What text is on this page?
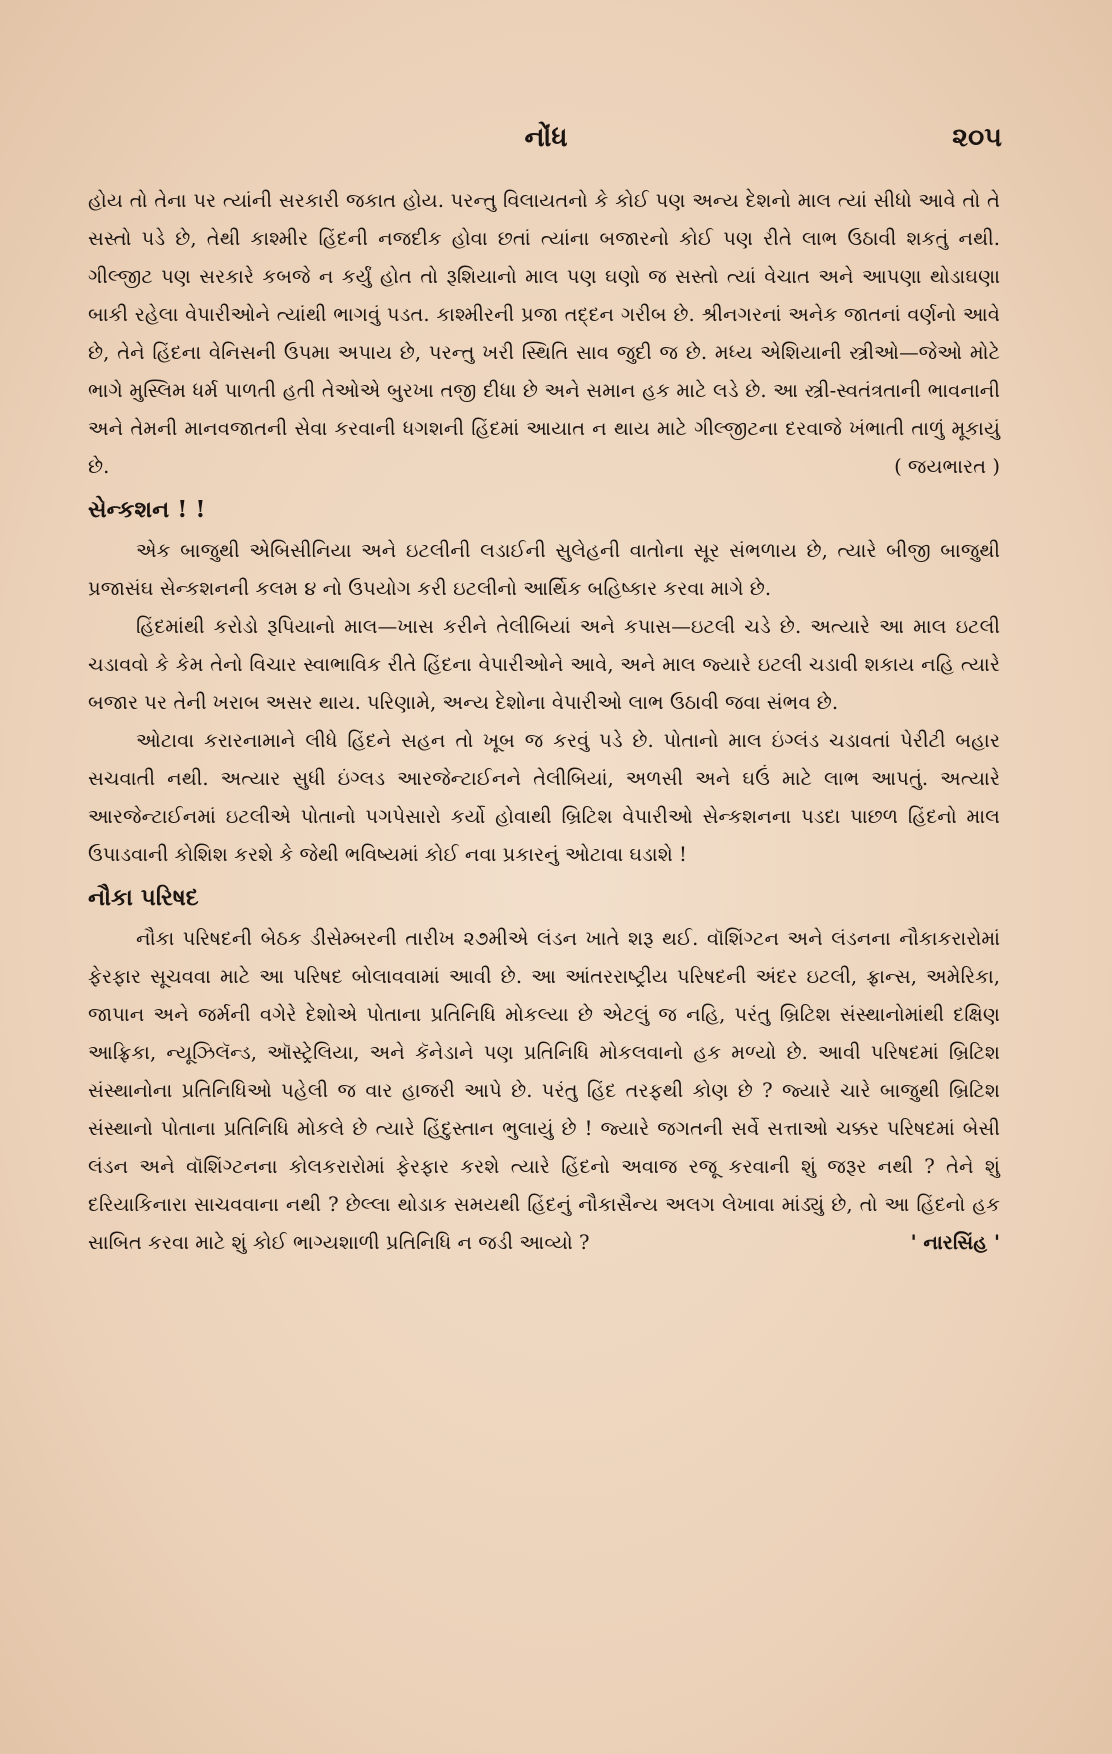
નોંધ	૨૦૫

હોય તો તેના પર ત્યાંની સરકારી જકાત હોય. પરન્તુ વિલાયતનો કે કોઈ પણ અન્ય દેશનો માલ ત્યાં સીધો આવે તો તે સસ્તો પડે છે, તેથી કાશ્મીર હિંદની નજદીક હોવા છતાં ત્યાંના બજારનો કોઈ પણ રીતે લાભ ઉઠાવી શકતું નથી. ગીલ્જીટ પણ સરકારે કબજે ન કર્યું હોત તો રૂશિયાનો માલ પણ ઘણો જ સસ્તો ત્યાં વેચાત અને આપણા થોડાઘણા બાકી રહેલા વેપારીઓને ત્યાંથી ભાગવું પડત. કાશ્મીરની પ્રજા તદ્દન ગરીબ છે. શ્રીનગરનાં અનેક જાતનાં વર્ણનો આવે છે, તેને હિંદના વેનિસની ઉપમા અપાય છે, પરન્તુ ખરી સ્થિતિ સાવ જુદી જ છે. મધ્ય એશિયાની સ્ત્રીઓ—જેઓ મોટે ભાગે મુસ્લિમ ધર્મ પાળતી હતી તેઓએ બુરખા તજી દીધા છે અને સમાન હક માટે લડે છે. આ સ્ત્રી-સ્વતંત્રતાની ભાવનાની અને તેમની માનવજાતની સેવા કરવાની ધગશની હિંદમાં આયાત ન થાય માટે ગીલ્જીટના દરવાજે ખંભાતી તાળું મૂકાયું છે.	( જયભારત )

સેન્કશન ! !

એક બાજુથી એબિસીનિયા અને ઇટલીની લડાઈની સુલેહની વાતોના સૂર સંભળાય છે, ત્યારે બીજી બાજુથી પ્રજાસંઘ સેન્કશનની કલમ ૪ નો ઉપયોગ કરી ઇટલીનો આર્થિક બહિષ્કાર કરવા માગે છે.

હિંદમાંથી કરોડો રૂપિયાનો માલ—ખાસ કરીને તેલીબિયાં અને કપાસ—ઇટલી ચડે છે. અત્યારે આ માલ ઇટલી ચડાવવો કે કેમ તેનો વિચાર સ્વાભાવિક રીતે હિંદના વેપારીઓને આવે, અને માલ જ્યારે ઇટલી ચડાવી શકાય નહિ ત્યારે બજાર પર તેની ખરાબ અસર થાય. પરિણામે, અન્ય દેશોના વેપારીઓ લાભ ઉઠાવી જવા સંભવ છે.

ઓટાવા કરારનામાને લીધે હિંદને સહન તો ખૂબ જ કરવું પડે છે. પોતાનો માલ ઇંગ્લંડ ચડાવતાં પેરીટી બહાર સચવાતી નથી. અત્યાર સુધી ઇંગ્લડ આરજેન્ટાઈનને તેલીબિયાં, અળસી અને ઘઉં માટે લાભ આપતું. અત્યારે આરજેન્ટાઈનમાં ઇટલીએ પોતાનો પગપેસારો કર્યો હોવાથી બ્રિટિશ વેપારીઓ સેન્કશનના પડદા પાછળ હિંદનો માલ ઉપાડવાની કોશિશ કરશે કે જેથી ભવિષ્યમાં કોઈ નવા પ્રકારનું ઓટાવા ઘડાશે !

નૌકા પરિષદ

નૌકા પરિષદની બેઠક ડીસેમ્બરની તારીખ ૨૭મીએ લંડન ખાતે શરૂ થઈ. વૉશિંગ્ટન અને લંડનના નૌકાકરારોમાં ફેરફાર સૂચવવા માટે આ પરિષદ બોલાવવામાં આવી છે. આ આંતરરાષ્ટ્રીય પરિષદની અંદર ઇટલી, ફ્રાન્સ, અમેરિકા, જાપાન અને જર્મની વગેરે દેશોએ પોતાના પ્રતિનિધિ મોકલ્યા છે એટલું જ નહિ, પરંતુ બ્રિટિશ સંસ્થાનોમાંથી દક્ષિણ આફ્રિકા, ન્યૂઝિલૅન્ડ, ઑસ્ટ્રેલિયા, અને કૅનેડાને પણ પ્રતિનિધિ મોકલવાનો હક મળ્યો છે. આવી પરિષદમાં બ્રિટિશ સંસ્થાનોના પ્રતિનિધિઓ પહેલી જ વાર હાજરી આપે છે. પરંતુ હિંદ તરફથી કોણ છે ? જ્યારે ચારે બાજુથી બ્રિટિશ સંસ્થાનો પોતાના પ્રતિનિધિ મોકલે છે ત્યારે હિંદુસ્તાન ભુલાયું છે ! જ્યારે જગતની સર્વે સત્તાઓ ચક્કર પરિષદમાં બેસી લંડન અને વૉશિંગ્ટનના કોલકરારોમાં ફેરફાર કરશે ત્યારે હિંદનો અવાજ રજૂ કરવાની શું જરૂર નથી ? તેને શું દરિયાકિનારા સાચવવાના નથી ? છેલ્લા થોડાક સમયથી હિંદનું નૌકાસૈન્ય અલગ લેખાવા માંડ્યું છે, તો આ હિંદનો હક સાબિત કરવા માટે શું કોઈ ભાગ્યશાળી પ્રતિનિધિ ન જડી આવ્યો ?	' નારસિંહ '
